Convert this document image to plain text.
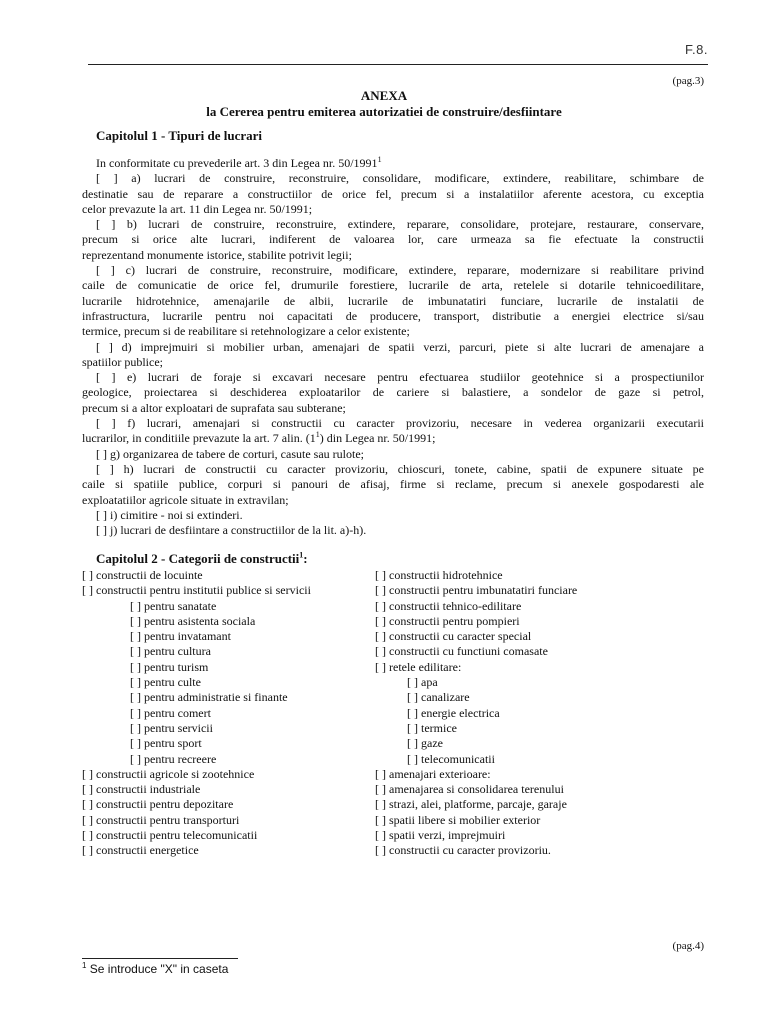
F.8.
(pag.3)
ANEXA
la Cererea pentru emiterea autorizatiei de construire/desfiintare
Capitolul 1 - Tipuri de lucrari
In conformitate cu prevederile art. 3 din Legea nr. 50/1991$^1$
[ ] a) lucrari de construire, reconstruire, consolidare, modificare, extindere, reabilitare, schimbare de
destinatie sau de reparare a constructiilor de orice fel, precum si a instalatiilor aferente acestora, cu exceptia
celor prevazute la art. 11 din Legea nr. 50/1991;
[ ] b) lucrari de construire, reconstruire, extindere, reparare, consolidare, protejare, restaurare, conservare,
precum si orice alte lucrari, indiferent de valoarea lor, care urmeaza sa fie efectuate la constructii
reprezentand monumente istorice, stabilite potrivit legii;
[ ] c) lucrari de construire, reconstruire, modificare, extindere, reparare, modernizare si reabilitare privind
caile de comunicatie de orice fel, drumurile forestiere, lucrarile de arta, retelele si dotarile tehnicoedilitare,
lucrarile hidrotehnice, amenajarile de albii, lucrarile de imbunatatiri funciare, lucrarile de instalatii de
infrastructura, lucrarile pentru noi capacitati de producere, transport, distributie a energiei electrice si/sau
termice, precum si de reabilitare si retehnologizare a celor existente;
[ ] d) imprejmuiri si mobilier urban, amenajari de spatii verzi, parcuri, piete si alte lucrari de amenajare a
spatiilor publice;
[ ] e) lucrari de foraje si excavari necesare pentru efectuarea studiilor geotehnice si a prospectiunilor
geologice, proiectarea si deschiderea exploatarilor de cariere si balastiere, a sondelor de gaze si petrol,
precum si a altor exploatari de suprafata sau subterane;
[ ] f) lucrari, amenajari si constructii cu caracter provizoriu, necesare in vederea organizarii executarii
lucrarilor, in conditiile prevazute la art. 7 alin. $(1^1)$ din Legea nr. 50/1991;
[ ] g) organizarea de tabere de corturi, casute sau rulote;
[ ] h) lucrari de constructii cu caracter provizoriu, chioscuri, tonete, cabine, spatii de expunere situate pe
caile si spatiile publice, corpuri si panouri de afisaj, firme si reclame, precum si anexele gospodaresti ale
exploatatiilor agricole situate in extravilan;
[ ] i) cimitire - noi si extinderi.
[ ] j) lucrari de desfiintare a constructiilor de la lit. a)-h).
Capitolul 2 - Categorii de constructii$^1$:
[ ] constructii de locuinte
[ ] constructii pentru institutii publice si servicii
[ ] pentru sanatate
[ ] pentru asistenta sociala
[ ] pentru invatamant
[ ] pentru cultura
[ ] pentru turism
[ ] pentru culte
[ ] pentru administratie si finante
[ ] pentru comert
[ ] pentru servicii
[ ] pentru sport
[ ] pentru recreere
[ ] constructii agricole si zootehnice
[ ] constructii industriale
[ ] constructii pentru depozitare
[ ] constructii pentru transporturi
[ ] constructii pentru telecomunicatii
[ ] constructii energetice
[ ] constructii hidrotehnice
[ ] constructii pentru imbunatatiri funciare
[ ] constructii tehnico-edilitare
[ ] constructii pentru pompieri
[ ] constructii cu caracter special
[ ] constructii cu functiuni comasate
[ ] retele edilitare:
[ ] apa
[ ] canalizare
[ ] energie electrica
[ ] termice
[ ] gaze
[ ] telecomunicatii
[ ] amenajari exterioare:
[ ] amenajarea si consolidarea terenului
[ ] strazi, alei, platforme, parcaje, garaje
[ ] spatii libere si mobilier exterior
[ ] spatii verzi, imprejmuiri
[ ] constructii cu caracter provizoriu.
(pag.4)
$^1$ Se introduce "X" in caseta
